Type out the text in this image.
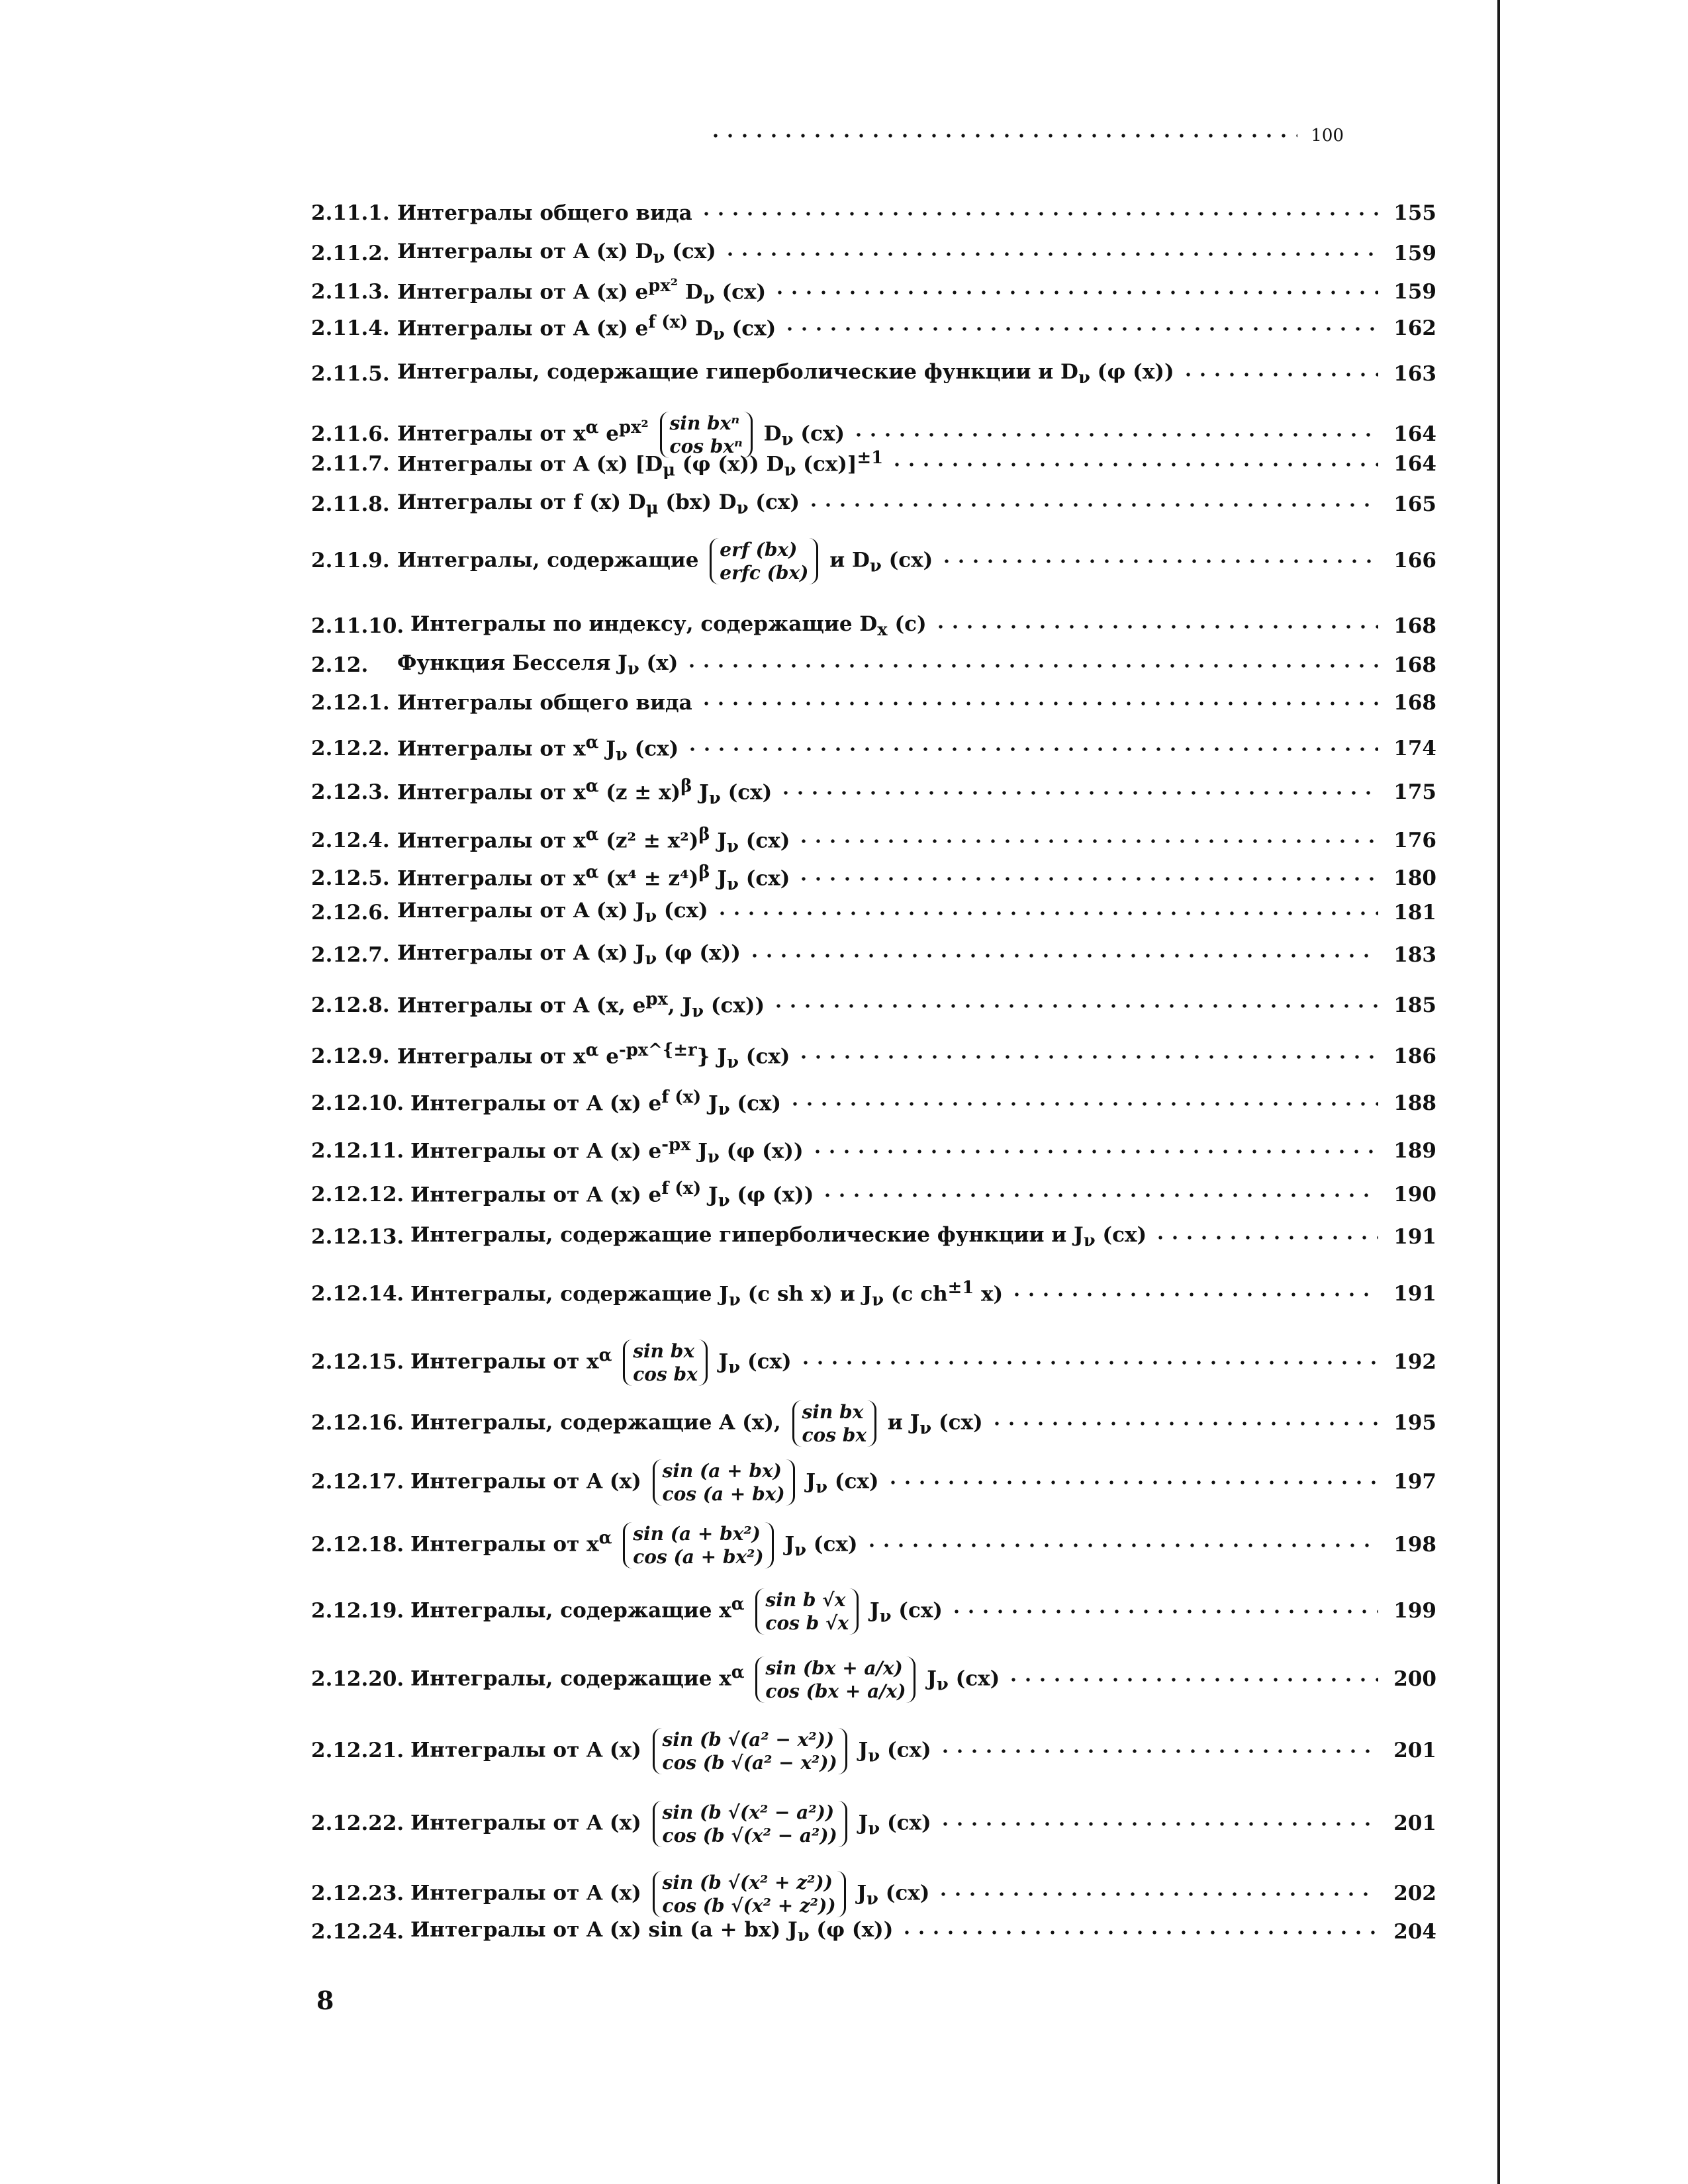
100
2.11.1. Интегралы общего вида	155
2.11.2. Интегралы от A (x) $D_\nu$ (cx)	159
2.11.3. Интегралы от A (x) $e^{px^2}$ $D_\nu$ (cx)	159
2.11.4. Интегралы от A (x) $e^{f (x)}$ $D_\nu$ (cx)	162
2.11.5. Интегралы, содержащие гиперболические функции и $D_\nu$ (φ (x))	163
2.11.6. Интегралы от $x^\alpha$ $e^{px^2}$ sin bxⁿ
cos bxⁿ
$D_\nu$ (cx)	164
2.11.7. Интегралы от A (x) [$D_\mu$ (φ (x)) $D_\nu$ (cx)]$^{\pm 1}$	164
2.11.8. Интегралы от f (x) $D_\mu$ (bx) $D_\nu$ (cx)	165
2.11.9. Интегралы, содержащие erf (bx)
erfc (bx)
и $D_\nu$ (cx)	166
2.11.10. Интегралы по индексу, содержащие $D_x$ (c)	168
2.12.	Функция Бесселя $J_\nu$ (x)	168
2.12.1. Интегралы общего вида	168
2.12.2. Интегралы от $x^\alpha$ $J_\nu$ (cx)	174
2.12.3. Интегралы от $x^\alpha$ $(z \pm x)^\beta$ $J_\nu$ (cx)	175
2.12.4. Интегралы от $x^\alpha$ $(z^2 \pm x^2)^\beta$ $J_\nu$ (cx)	176
2.12.5. Интегралы от $x^\alpha$ $(x^4 \pm z^4)^\beta$ $J_\nu$ (cx)	180
2.12.6. Интегралы от A (x) $J_\nu$ (cx)	181
2.12.7. Интегралы от A (x) $J_\nu$ (φ (x))	183
2.12.8. Интегралы от A (x, $e^{px}$, $J_\nu$ (cx))	185
2.12.9. Интегралы от $x^\alpha$ $e^{-px\^{}\{\pm r}$} $J_\nu$ (cx)	186
2.12.10. Интегралы от A (x) $e^{f (x)}$ $J_\nu$ (cx)	188
2.12.11. Интегралы от A (x) $e^{-px}$ $J_\nu$ (φ (x))	189
2.12.12. Интегралы от A (x) $e^{f (x)}$ $J_\nu$ (φ (x))	190
2.12.13. Интегралы, содержащие гиперболические функции и $J_\nu$ (cx)	191
2.12.14. Интегралы, содержащие $J_\nu$ (c sh x) и $J_\nu$ (c $ch^{\pm 1}$ x)	191
2.12.15. Интегралы от $x^\alpha$ sin bx
cos bx
$J_\nu$ (cx)	192
2.12.16. Интегралы, содержащие A (x), sin bx
cos bx
и $J_\nu$ (cx)	195
2.12.17. Интегралы от A (x) sin (a + bx)
cos (a + bx)
$J_\nu$ (cx)	197
2.12.18. Интегралы от $x^\alpha$ sin (a + bx²)
cos (a + bx²)
$J_\nu$ (cx)	198
2.12.19. Интегралы, содержащие $x^\alpha$ sin b √x
cos b √x
$J_\nu$ (cx)	199
2.12.20. Интегралы, содержащие $x^\alpha$ sin (bx + a/x)
cos (bx + a/x)
$J_\nu$ (cx)	200
2.12.21. Интегралы от A (x) sin (b √(a² − x²))
cos (b √(a² − x²))
$J_\nu$ (cx)	201
2.12.22. Интегралы от A (x) sin (b √(x² − a²))
cos (b √(x² − a²))
$J_\nu$ (cx)	201
2.12.23. Интегралы от A (x) sin (b √(x² + z²))
cos (b √(x² + z²))
$J_\nu$ (cx)	202
2.12.24. Интегралы от A (x) sin (a + bx) $J_\nu$ (φ (x))	204
8
